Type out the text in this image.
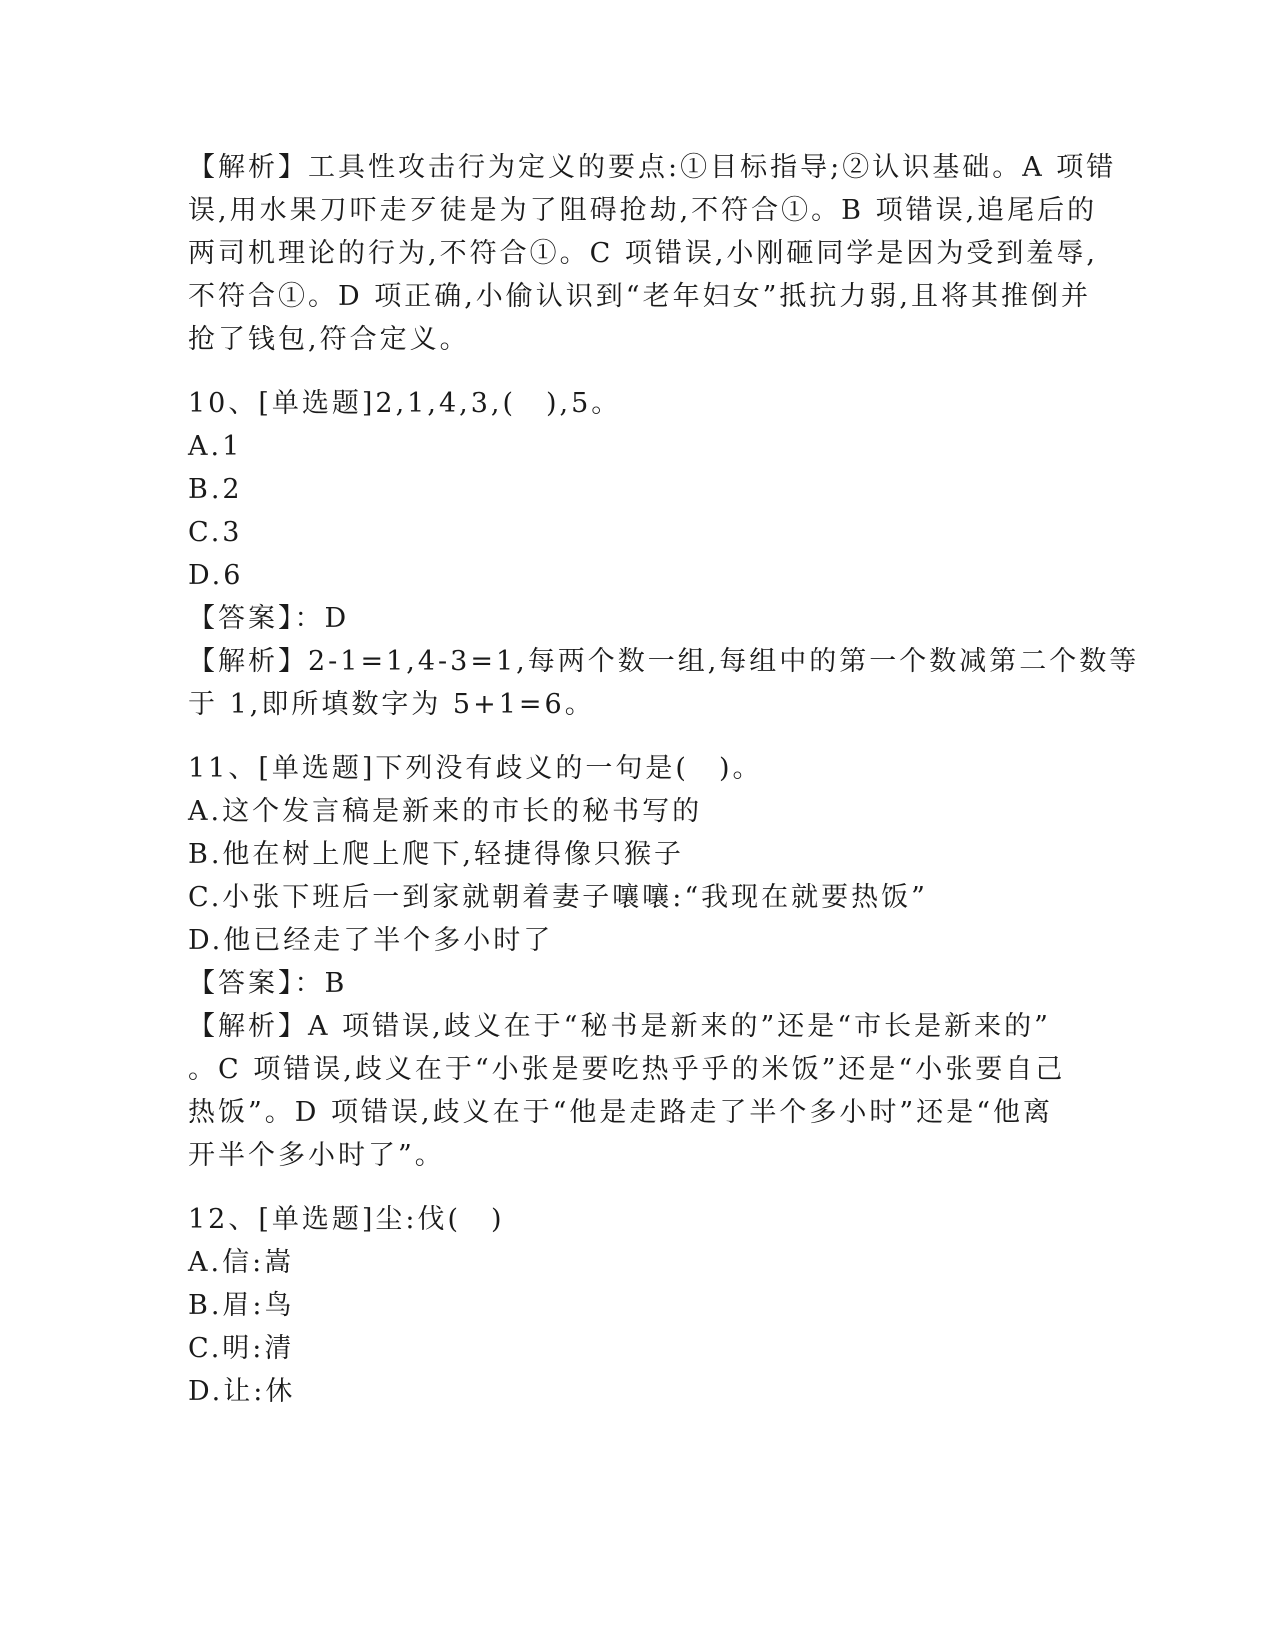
【解析】工具性攻击行为定义的要点:①目标指导;②认识基础。A 项错
误,用水果刀吓走歹徒是为了阻碍抢劫,不符合①。B 项错误,追尾后的
两司机理论的行为,不符合①。C 项错误,小刚砸同学是因为受到羞辱,
不符合①。D 项正确,小偷认识到“老年妇女”抵抗力弱,且将其推倒并
抢了钱包,符合定义。
10、[单选题]2,1,4,3,(　),5。
A.1
B.2
C.3
D.6
【答案】：D
【解析】2-1=1,4-3=1,每两个数一组,每组中的第一个数减第二个数等
于 1,即所填数字为 5+1=6。
11、[单选题]下列没有歧义的一句是(　)。
A.这个发言稿是新来的市长的秘书写的
B.他在树上爬上爬下,轻捷得像只猴子
C.小张下班后一到家就朝着妻子嚷嚷:“我现在就要热饭”
D.他已经走了半个多小时了
【答案】：B
【解析】A 项错误,歧义在于“秘书是新来的”还是“市长是新来的”
。C 项错误,歧义在于“小张是要吃热乎乎的米饭”还是“小张要自己
热饭”。D 项错误,歧义在于“他是走路走了半个多小时”还是“他离
开半个多小时了”。
12、[单选题]尘:伐(　)
A.信:嵩
B.眉:鸟
C.明:清
D.让:休
